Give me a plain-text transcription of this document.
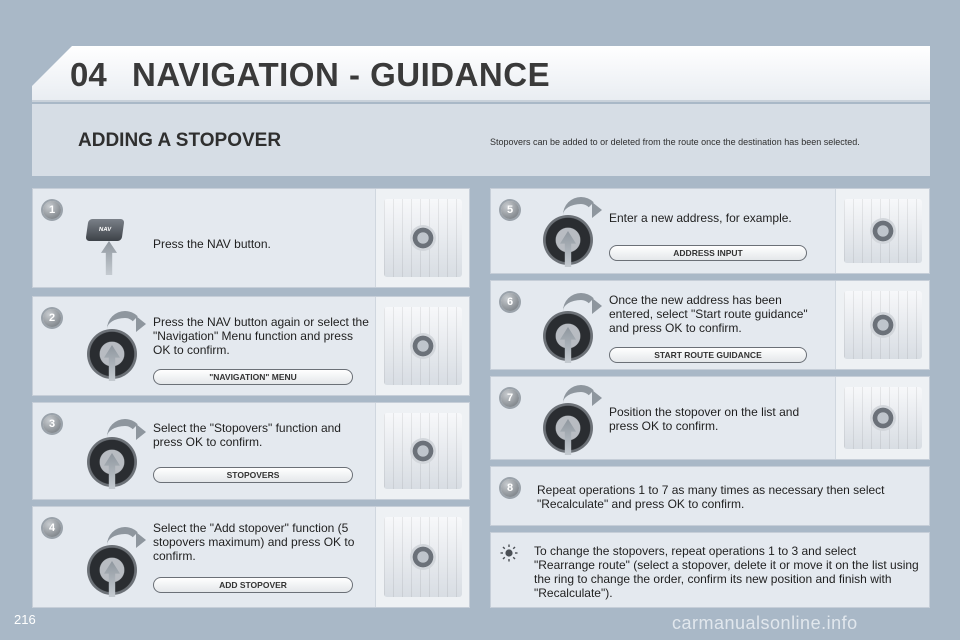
04 NAVIGATION - GUIDANCE
ADDING A STOPOVER	Stopovers can be added to or deleted from the route once the destination has been selected.
1
NAV
Press the NAV button.
2	Press the NAV button again or select the "Navigation" Menu function and press OK to confirm.
"NAVIGATION" MENU
3	Select the "Stopovers" function and press OK to confirm.
STOPOVERS
4	Select the "Add stopover" function (5 stopovers maximum) and press OK to confirm.
ADD STOPOVER
5
Enter a new address, for example.
ADDRESS INPUT
6	Once the new address has been entered, select "Start route guidance" and press OK to confirm.
START ROUTE GUIDANCE
7
Position the stopover on the list and press OK to confirm.
8	Repeat operations 1 to 7 as many times as necessary then select "Recalculate" and press OK to confirm.
To change the stopovers, repeat operations 1 to 3 and select "Rearrange route" (select a stopover, delete it or move it on the list using the ring to change the order, confirm its new position and finish with "Recalculate").
216	carmanualsonline.info
